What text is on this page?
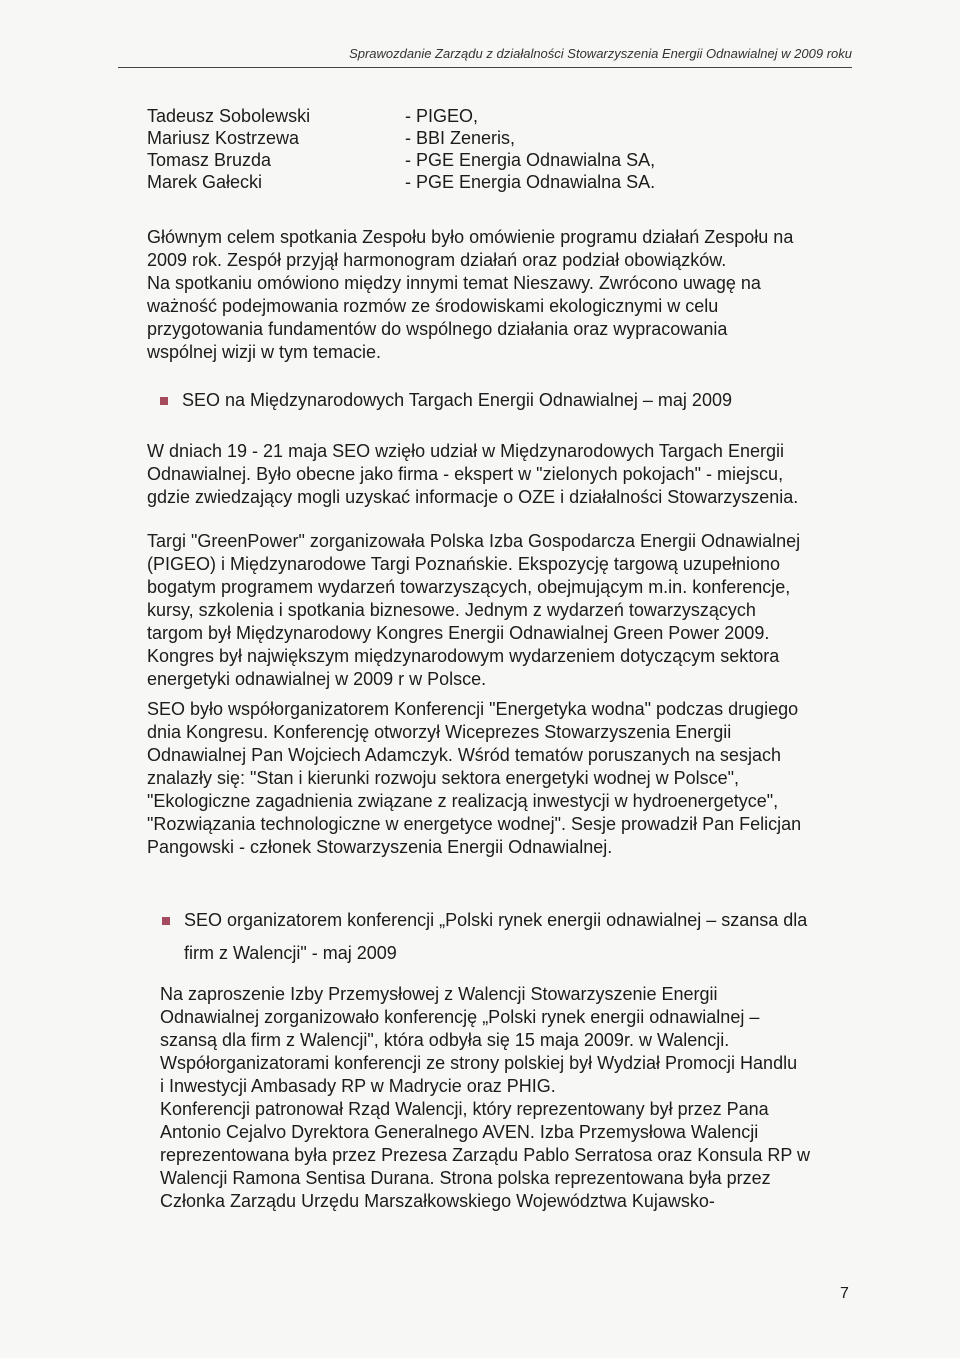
Sprawozdanie Zarządu z działalności Stowarzyszenia Energii Odnawialnej w 2009 roku
Tadeusz Sobolewski	- PIGEO,
Mariusz Kostrzewa	- BBI Zeneris,
Tomasz Bruzda	- PGE Energia Odnawialna SA,
Marek Gałecki	- PGE Energia Odnawialna SA.
Głównym celem spotkania Zespołu było omówienie programu działań Zespołu na
2009 rok. Zespół przyjął harmonogram działań oraz podział obowiązków.
Na spotkaniu omówiono między innymi temat Nieszawy. Zwrócono uwagę na
ważność podejmowania rozmów ze środowiskami ekologicznymi w celu
przygotowania fundamentów do wspólnego działania oraz wypracowania
wspólnej wizji w tym temacie.
SEO na Międzynarodowych Targach Energii Odnawialnej – maj 2009
W dniach 19 - 21 maja SEO wzięło udział w Międzynarodowych Targach Energii
Odnawialnej. Było obecne jako firma - ekspert w "zielonych pokojach" - miejscu,
gdzie zwiedzający mogli uzyskać informacje o OZE i działalności Stowarzyszenia.
Targi "GreenPower" zorganizowała Polska Izba Gospodarcza Energii Odnawialnej
(PIGEO) i Międzynarodowe Targi Poznańskie. Ekspozycję targową uzupełniono
bogatym programem wydarzeń towarzyszących, obejmującym m.in. konferencje,
kursy, szkolenia i spotkania biznesowe. Jednym z wydarzeń towarzyszących
targom był Międzynarodowy Kongres Energii Odnawialnej Green Power 2009.
Kongres był największym międzynarodowym wydarzeniem dotyczącym sektora
energetyki odnawialnej w 2009 r w Polsce.
SEO było współorganizatorem Konferencji "Energetyka wodna" podczas drugiego
dnia Kongresu. Konferencję otworzył Wiceprezes Stowarzyszenia Energii
Odnawialnej Pan Wojciech Adamczyk. Wśród tematów poruszanych na sesjach
znalazły się: "Stan i kierunki rozwoju sektora energetyki wodnej w Polsce",
"Ekologiczne zagadnienia związane z realizacją inwestycji w hydroenergetyce",
"Rozwiązania technologiczne w energetyce wodnej". Sesje prowadził Pan Felicjan
Pangowski - członek Stowarzyszenia Energii Odnawialnej.
SEO organizatorem konferencji „Polski rynek energii odnawialnej – szansa dla
firm z Walencji" - maj 2009
Na zaproszenie Izby Przemysłowej z Walencji Stowarzyszenie Energii
Odnawialnej zorganizowało konferencję „Polski rynek energii odnawialnej –
szansą dla firm z Walencji", która odbyła się 15 maja 2009r. w Walencji.
Współorganizatorami konferencji ze strony polskiej był Wydział Promocji Handlu
i Inwestycji Ambasady RP w Madrycie oraz PHIG.
Konferencji patronował Rząd Walencji, który reprezentowany był przez Pana
Antonio Cejalvo Dyrektora Generalnego AVEN. Izba Przemysłowa Walencji
reprezentowana była przez Prezesa Zarządu Pablo Serratosa oraz Konsula RP w
Walencji Ramona Sentisa Durana. Strona polska reprezentowana była przez
Członka Zarządu Urzędu Marszałkowskiego Województwa Kujawsko-
7
